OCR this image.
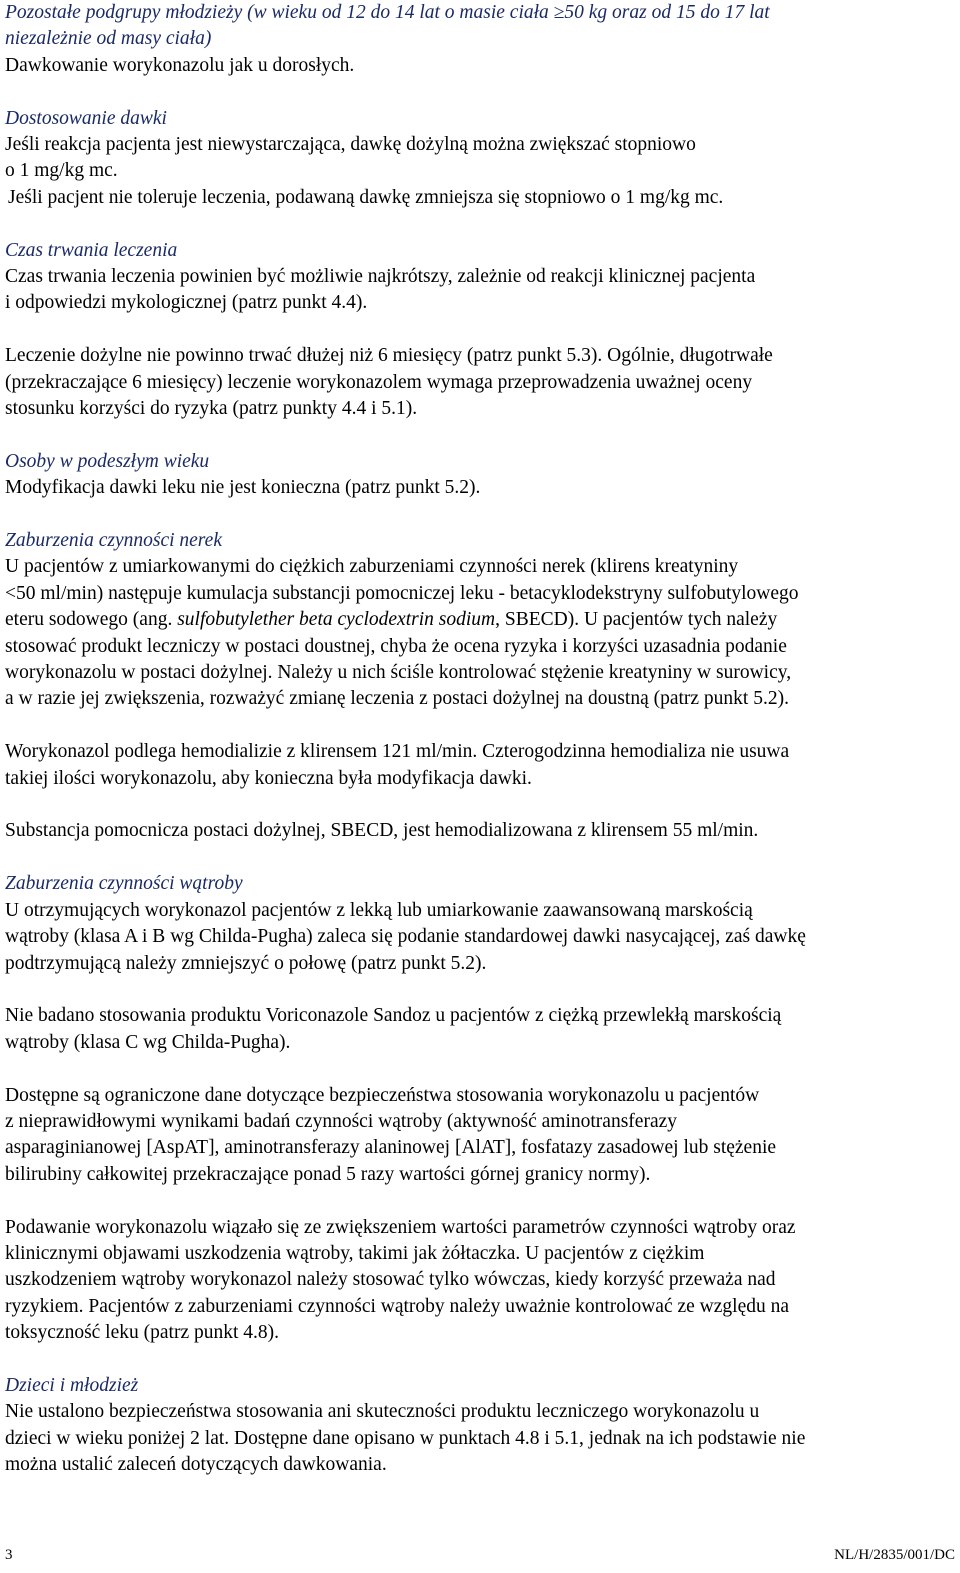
Pozostałe podgrupy młodzieży (w wieku od 12 do 14 lat o masie ciała ≥50 kg oraz od 15 do 17 lat
niezależnie od masy ciała)
Dawkowanie worykonazolu jak u dorosłych.
Dostosowanie dawki
Jeśli reakcja pacjenta jest niewystarczająca, dawkę dożylną można zwiększać stopniowo
o 1 mg/kg mc.
Jeśli pacjent nie toleruje leczenia, podawaną dawkę zmniejsza się stopniowo o 1 mg/kg mc.
Czas trwania leczenia
Czas trwania leczenia powinien być możliwie najkrótszy, zależnie od reakcji klinicznej pacjenta
i odpowiedzi mykologicznej (patrz punkt 4.4).
Leczenie dożylne nie powinno trwać dłużej niż 6 miesięcy (patrz punkt 5.3). Ogólnie, długotrwałe
(przekraczające 6 miesięcy) leczenie worykonazolem wymaga przeprowadzenia uważnej oceny
stosunku korzyści do ryzyka (patrz punkty 4.4 i 5.1).
Osoby w podeszłym wieku
Modyfikacja dawki leku nie jest konieczna (patrz punkt 5.2).
Zaburzenia czynności nerek
U pacjentów z umiarkowanymi do ciężkich zaburzeniami czynności nerek (klirens kreatyniny
<50 ml/min) następuje kumulacja substancji pomocniczej leku - betacyklodekstryny sulfobutylowego
eteru sodowego (ang. sulfobutylether beta cyclodextrin sodium, SBECD). U pacjentów tych należy
stosować produkt leczniczy w postaci doustnej, chyba że ocena ryzyka i korzyści uzasadnia podanie
worykonazolu w postaci dożylnej. Należy u nich ściśle kontrolować stężenie kreatyniny w surowicy,
a w razie jej zwiększenia, rozważyć zmianę leczenia z postaci dożylnej na doustną (patrz punkt 5.2).
Worykonazol podlega hemodializie z klirensem 121 ml/min. Czterogodzinna hemodializa nie usuwa
takiej ilości worykonazolu, aby konieczna była modyfikacja dawki.
Substancja pomocnicza postaci dożylnej, SBECD, jest hemodializowana z klirensem 55 ml/min.
Zaburzenia czynności wątroby
U otrzymujących worykonazol pacjentów z lekką lub umiarkowanie zaawansowaną marskością
wątroby (klasa A i B wg Childa-Pugha) zaleca się podanie standardowej dawki nasycającej, zaś dawkę
podtrzymującą należy zmniejszyć o połowę (patrz punkt 5.2).
Nie badano stosowania produktu Voriconazole Sandoz u pacjentów z ciężką przewlekłą marskością
wątroby (klasa C wg Childa-Pugha).
Dostępne są ograniczone dane dotyczące bezpieczeństwa stosowania worykonazolu u pacjentów
z nieprawidłowymi wynikami badań czynności wątroby (aktywność aminotransferazy
asparaginianowej [AspAT], aminotransferazy alaninowej [AlAT], fosfatazy zasadowej lub stężenie
bilirubiny całkowitej przekraczające ponad 5 razy wartości górnej granicy normy).
Podawanie worykonazolu wiązało się ze zwiększeniem wartości parametrów czynności wątroby oraz
klinicznymi objawami uszkodzenia wątroby, takimi jak żółtaczka. U pacjentów z ciężkim
uszkodzeniem wątroby worykonazol należy stosować tylko wówczas, kiedy korzyść przeważa nad
ryzykiem. Pacjentów z zaburzeniami czynności wątroby należy uważnie kontrolować ze względu na
toksyczność leku (patrz punkt 4.8).
Dzieci i młodzież
Nie ustalono bezpieczeństwa stosowania ani skuteczności produktu leczniczego worykonazolu u
dzieci w wieku poniżej 2 lat. Dostępne dane opisano w punktach 4.8 i 5.1, jednak na ich podstawie nie
można ustalić zaleceń dotyczących dawkowania.
3	NL/H/2835/001/DC
